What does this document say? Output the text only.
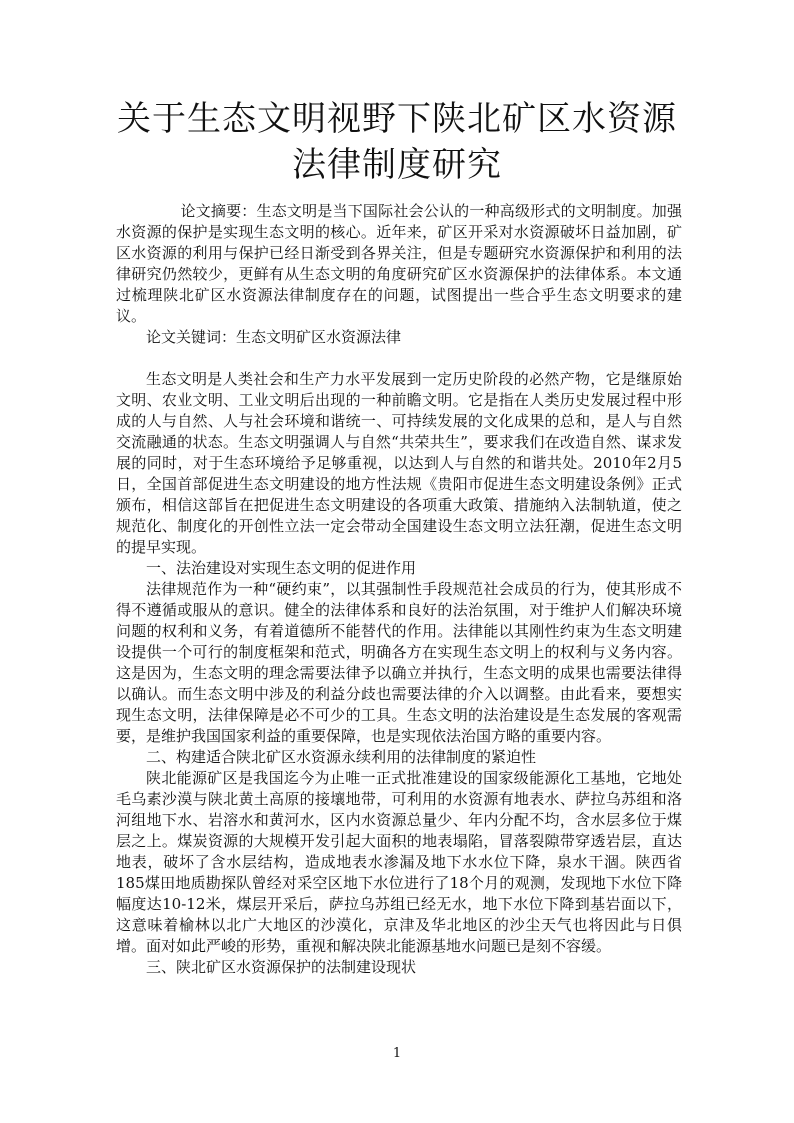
关于生态文明视野下陕北矿区水资源法律制度研究

论文摘要：生态文明是当下国际社会公认的一种高级形式的文明制度。加强水资源的保护是实现生态文明的核心。近年来，矿区开采对水资源破坏日益加剧，矿区水资源的利用与保护已经日渐受到各界关注，但是专题研究水资源保护和利用的法律研究仍然较少，更鲜有从生态文明的角度研究矿区水资源保护的法律体系。本文通过梳理陕北矿区水资源法律制度存在的问题，试图提出一些合乎生态文明要求的建议。

论文关键词：生态文明矿区水资源法律

生态文明是人类社会和生产力水平发展到一定历史阶段的必然产物，它是继原始文明、农业文明、工业文明后出现的一种前瞻文明。它是指在人类历史发展过程中形成的人与自然、人与社会环境和谐统一、可持续发展的文化成果的总和，是人与自然交流融通的状态。生态文明强调人与自然“共荣共生”，要求我们在改造自然、谋求发展的同时，对于生态环境给予足够重视，以达到人与自然的和谐共处。2010年2月5日，全国首部促进生态文明建设的地方性法规《贵阳市促进生态文明建设条例》正式颁布，相信这部旨在把促进生态文明建设的各项重大政策、措施纳入法制轨道，使之规范化、制度化的开创性立法一定会带动全国建设生态文明立法狂潮，促进生态文明的提早实现。

一、法治建设对实现生态文明的促进作用

法律规范作为一种“硬约束”，以其强制性手段规范社会成员的行为，使其形成不得不遵循或服从的意识。健全的法律体系和良好的法治氛围，对于维护人们解决环境问题的权利和义务，有着道德所不能替代的作用。法律能以其刚性约束为生态文明建设提供一个可行的制度框架和范式，明确各方在实现生态文明上的权利与义务内容。这是因为，生态文明的理念需要法律予以确立并执行，生态文明的成果也需要法律得以确认。而生态文明中涉及的利益分歧也需要法律的介入以调整。由此看来，要想实现生态文明，法律保障是必不可少的工具。生态文明的法治建设是生态发展的客观需要，是维护我国国家利益的重要保障，也是实现依法治国方略的重要内容。

二、构建适合陕北矿区水资源永续利用的法律制度的紧迫性

陕北能源矿区是我国迄今为止唯一正式批准建设的国家级能源化工基地，它地处毛乌素沙漠与陕北黄土高原的接壤地带，可利用的水资源有地表水、萨拉乌苏组和洛河组地下水、岩溶水和黄河水，区内水资源总量少、年内分配不均，含水层多位于煤层之上。煤炭资源的大规模开发引起大面积的地表塌陷，冒落裂隙带穿透岩层，直达地表，破坏了含水层结构，造成地表水渗漏及地下水水位下降，泉水干涸。陕西省185煤田地质勘探队曾经对采空区地下水位进行了18个月的观测，发现地下水位下降幅度达10-12米，煤层开采后，萨拉乌苏组已经无水，地下水位下降到基岩面以下，这意味着榆林以北广大地区的沙漠化，京津及华北地区的沙尘天气也将因此与日俱增。面对如此严峻的形势，重视和解决陕北能源基地水问题已是刻不容缓。

三、陕北矿区水资源保护的法制建设现状

1
